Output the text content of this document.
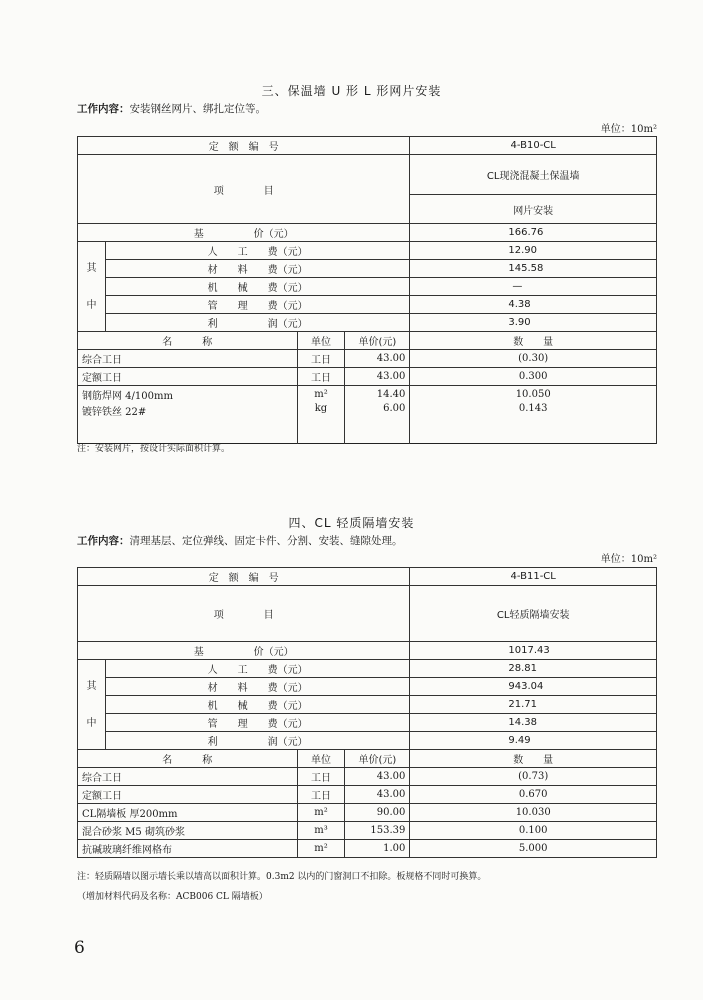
三、保温墙 U 形 L 形网片安装
工作内容：安装钢丝网片、绑扎定位等。
单位：10m²
定　额　编　号				4-B10-CL
项　　　　目				CL现浇混凝土保温墙
				网片安装
基　　　　　价（元）				166.76

其
中	人　　工　　费（元）			12.90
	材　　料　　费（元）			145.58
	机　　械　　费（元）			—
	管　　理　　费（元）			4.38
	利　　　　　润（元）			3.90
名　　　称		单位	单价(元)	数　　量
综合工日		工日	43.00	(0.30)
定额工日		工日	43.00	0.300
钢筋焊网 4/100mm		m²	14.40	10.050
镀锌铁丝 22#		kg	6.00	0.143
注：安装网片，按设计实际面积计算。
四、CL 轻质隔墙安装
工作内容：清理基层、定位弹线、固定卡件、分割、安装、缝隙处理。
单位：10m²
定　额　编　号				4-B11-CL
项　　　　目				CL轻质隔墙安装
基　　　　　价（元）				1017.43

其
中	人　　工　　费（元）			28.81
	材　　料　　费（元）			943.04
	机　　械　　费（元）			21.71
	管　　理　　费（元）			14.38
	利　　　　　润（元）			9.49
名　　　称		单位	单价(元)	数　　量
综合工日		工日	43.00	(0.73)
定额工日		工日	43.00	0.670
CL隔墙板 厚200mm		m²	90.00	10.030
混合砂浆 M5 砌筑砂浆		m³	153.39	0.100
抗碱玻璃纤维网格布		m²	1.00	5.000
注：轻质隔墙以图示墙长乘以墙高以面积计算。0.3m2 以内的门窗洞口不扣除。板规格不同时可换算。
（增加材料代码及名称：ACB006 CL 隔墙板）
6
